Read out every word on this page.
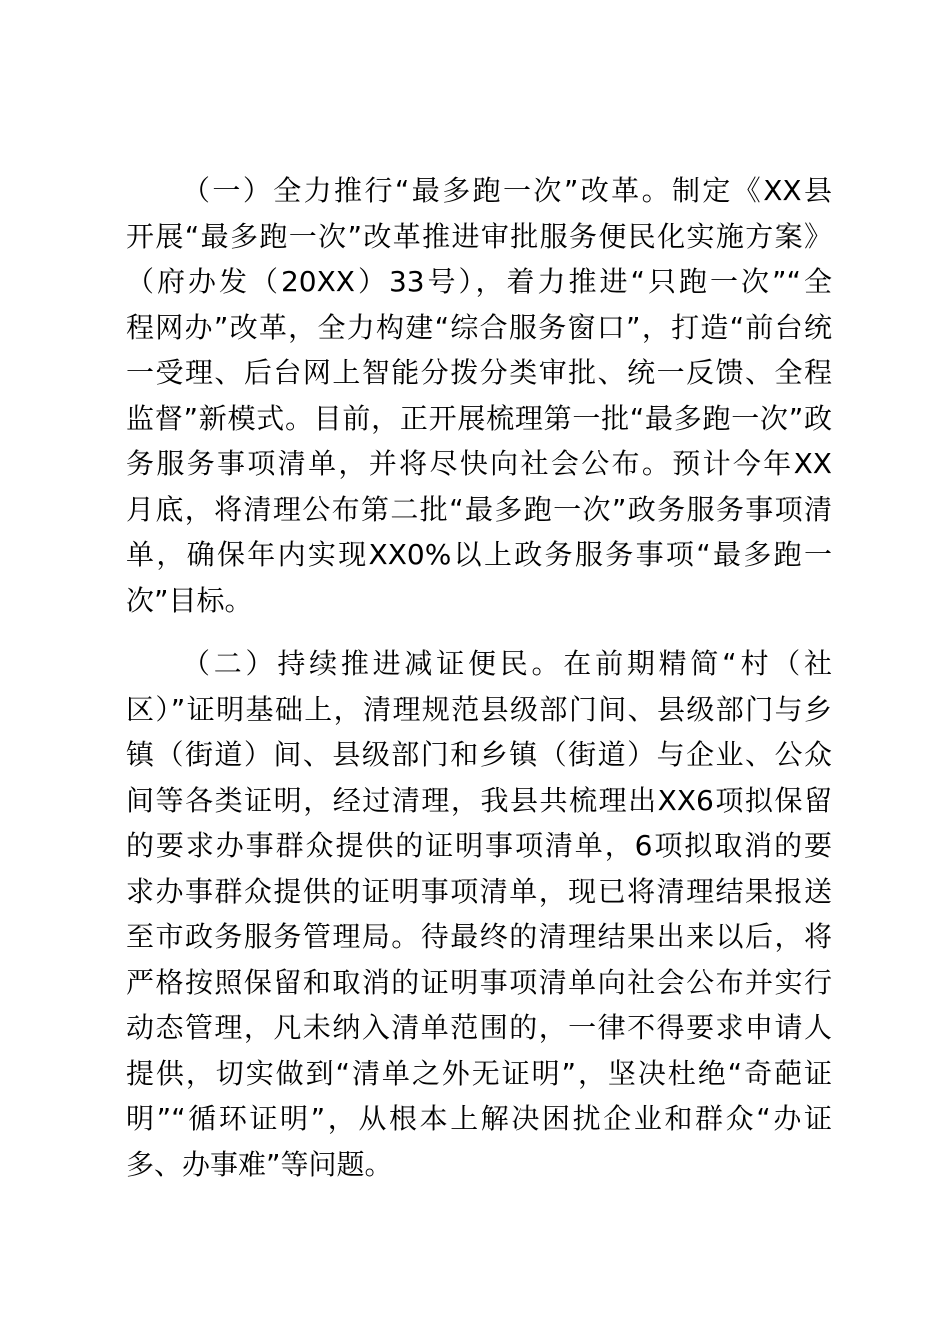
（一）全力推行“最多跑一次”改革。制定《XX县
开展“最多跑一次”改革推进审批服务便民化实施方案》
（府办发（20XX）33号），着力推进“只跑一次”“全
程网办”改革，全力构建“综合服务窗口”，打造“前台统
一受理、后台网上智能分拨分类审批、统一反馈、全程
监督”新模式。目前，正开展梳理第一批“最多跑一次”政
务服务事项清单，并将尽快向社会公布。预计今年XX
月底，将清理公布第二批“最多跑一次”政务服务事项清
单，确保年内实现XX0%以上政务服务事项“最多跑一
次”目标。

（二）持续推进减证便民。在前期精简“村（社
区）”证明基础上，清理规范县级部门间、县级部门与乡
镇（街道）间、县级部门和乡镇（街道）与企业、公众
间等各类证明，经过清理，我县共梳理出XX6项拟保留
的要求办事群众提供的证明事项清单，6项拟取消的要
求办事群众提供的证明事项清单，现已将清理结果报送
至市政务服务管理局。待最终的清理结果出来以后，将
严格按照保留和取消的证明事项清单向社会公布并实行
动态管理，凡未纳入清单范围的，一律不得要求申请人
提供，切实做到“清单之外无证明”，坚决杜绝“奇葩证
明”“循环证明”，从根本上解决困扰企业和群众“办证
多、办事难”等问题。
